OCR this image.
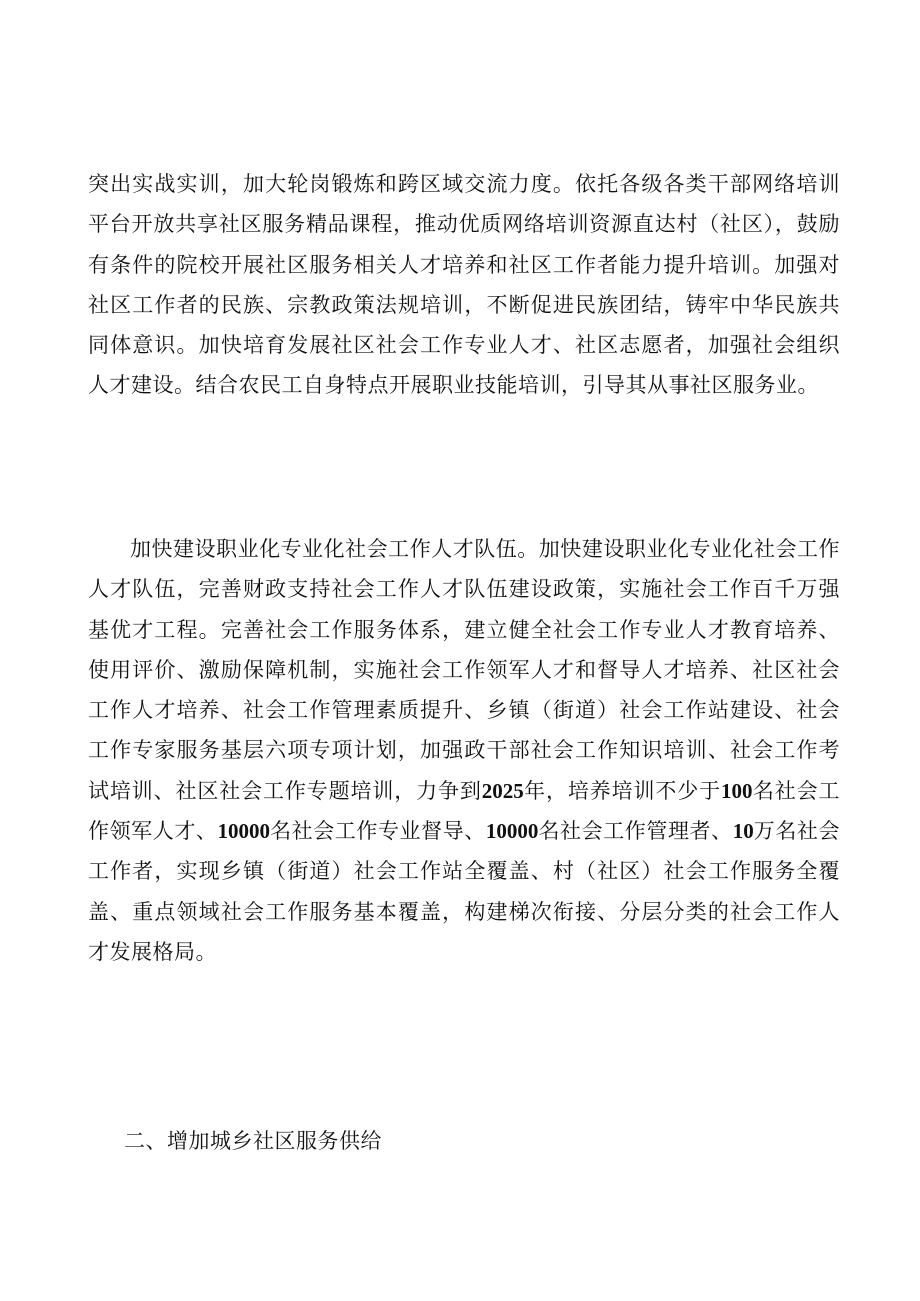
突出实战实训，加大轮岗锻炼和跨区域交流力度。依托各级各类干部网络培训平台开放共享社区服务精品课程，推动优质网络培训资源直达村（社区），鼓励有条件的院校开展社区服务相关人才培养和社区工作者能力提升培训。加强对社区工作者的民族、宗教政策法规培训，不断促进民族团结，铸牢中华民族共同体意识。加快培育发展社区社会工作专业人才、社区志愿者，加强社会组织人才建设。结合农民工自身特点开展职业技能培训，引导其从事社区服务业。

加快建设职业化专业化社会工作人才队伍。加快建设职业化专业化社会工作人才队伍，完善财政支持社会工作人才队伍建设政策，实施社会工作百千万强基优才工程。完善社会工作服务体系，建立健全社会工作专业人才教育培养、使用评价、激励保障机制，实施社会工作领军人才和督导人才培养、社区社会工作人才培养、社会工作管理素质提升、乡镇（街道）社会工作站建设、社会工作专家服务基层六项专项计划，加强政干部社会工作知识培训、社会工作考试培训、社区社会工作专题培训，力争到2025年，培养培训不少于100名社会工作领军人才、10000名社会工作专业督导、10000名社会工作管理者、10万名社会工作者，实现乡镇（街道）社会工作站全覆盖、村（社区）社会工作服务全覆盖、重点领域社会工作服务基本覆盖，构建梯次衔接、分层分类的社会工作人才发展格局。

二、增加城乡社区服务供给
